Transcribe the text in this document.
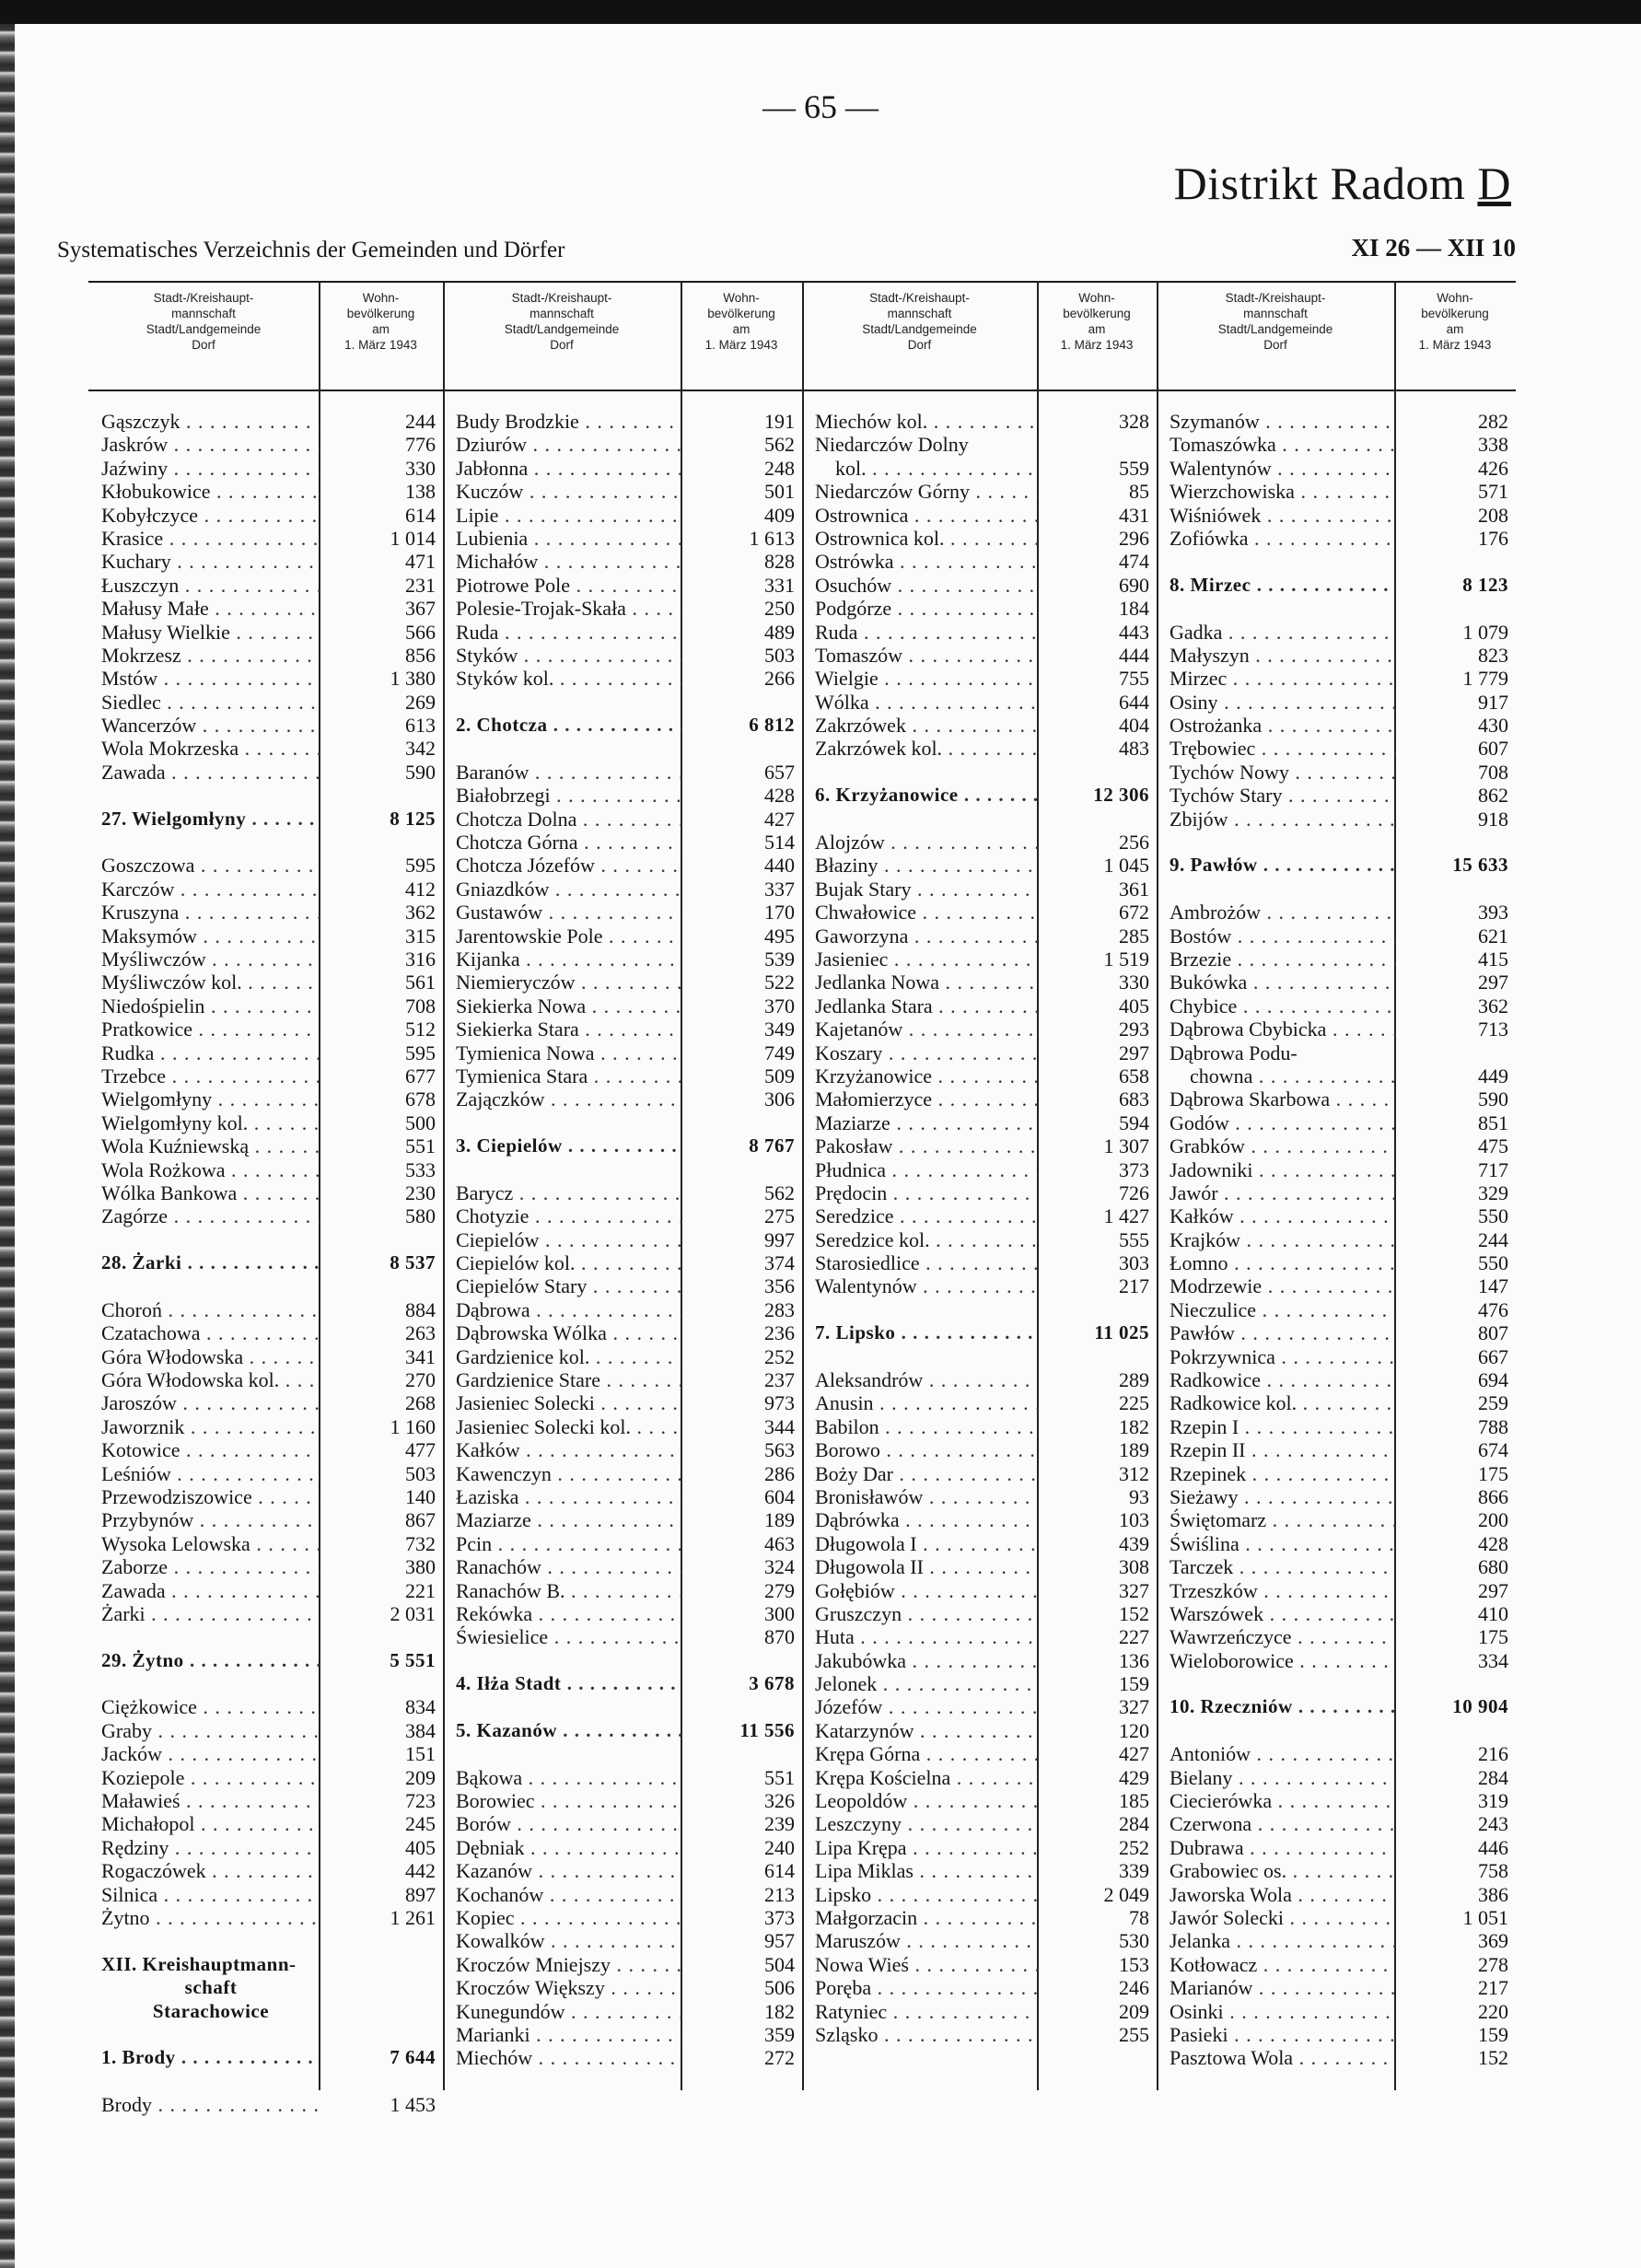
— 65 —
Distrikt Radom D
Systematisches Verzeichnis der Gemeinden und Dörfer	XI 26 — XII 10
Stadt-/Kreishaupt-
mannschaft
Stadt/Landgemeinde
Dorf
Wohn-
bevölkerung
am
1. März 1943
Gąszczyk . . .	244
Jaskrów . . .	776
Jaźwiny . . .	330
Kłobukowice . . .	138
Kobyłczyce . . .	614
Krasice . . .	1 014
Kuchary . . .	471
Łuszczyn . . .	231
Małusy Małe . . .	367
Małusy Wielkie . . .	566
Mokrzesz . . .	856
Mstów . . .	1 380
Siedlec . . .	269
Wancerzów . . .	613
Wola Mokrzeska . . .	342
Zawada . . .	590
27. Wielgomłyny . . .	8 125
Goszczowa . . .	595
Karczów . . .	412
Kruszyna . . .	362
Maksymów . . .	315
Myśliwczów . . .	316
Myśliwczów kol. . . .	561
Niedośpielin . . .	708
Pratkowice . . .	512
Rudka . . .	595
Trzebce . . .	677
Wielgomłyny . . .	678
Wielgomłyny kol. . . .	500
Wola Kuźniewską . . .	551
Wola Rożkowa . . .	533
Wólka Bankowa . . .	230
Zagórze . . .	580
28. Żarki . . .	8 537
Choroń . . .	884
Czatachowa . . .	263
Góra Włodowska . . .	341
Góra Włodowska kol. . . .	270
Jaroszów . . .	268
Jaworznik . . .	1 160
Kotowice . . .	477
Leśniów . . .	503
Przewodziszowice . . .	140
Przybynów . . .	867
Wysoka Lelowska . . .	732
Zaborze . . .	380
Zawada . . .	221
Żarki . . .	2 031
29. Żytno . . .	5 551
Ciężkowice . . .	834
Graby . . .	384
Jacków . . .	151
Koziepole . . .	209
Maławieś . . .	723
Michałopol . . .	245
Rędziny . . .	405
Rogaczówek . . .	442
Silnica . . .	897
Żytno . . .	1 261
XII. Kreishauptmann-
schaft
Starachowice
1. Brody . . .	7 644
Brody . . .	1 453
Stadt-/Kreishaupt-
mannschaft
Stadt/Landgemeinde
Dorf
Wohn-
bevölkerung
am
1. März 1943
Budy Brodzkie . . .	191
Dziurów . . .	562
Jabłonna . . .	248
Kuczów . . .	501
Lipie . . .	409
Lubienia . . .	1 613
Michałów . . .	828
Piotrowe Pole . . .	331
Polesie-Trojak-Skała . . .	250
Ruda . . .	489
Styków . . .	503
Styków kol. . . .	266
2. Chotcza . . .	6 812
Baranów . . .	657
Białobrzegi . . .	428
Chotcza Dolna . . .	427
Chotcza Górna . . .	514
Chotcza Józefów . . .	440
Gniazdków . . .	337
Gustawów . . .	170
Jarentowskie Pole . . .	495
Kijanka . . .	539
Niemieryczów . . .	522
Siekierka Nowa . . .	370
Siekierka Stara . . .	349
Tymienica Nowa . . .	749
Tymienica Stara . . .	509
Zajączków . . .	306
3. Ciepielów . . .	8 767
Barycz . . .	562
Chotyzie . . .	275
Ciepielów . . .	997
Ciepielów kol. . . .	374
Ciepielów Stary . . .	356
Dąbrowa . . .	283
Dąbrowska Wólka . . .	236
Gardzienice kol. . . .	252
Gardzienice Stare . . .	237
Jasieniec Solecki . . .	973
Jasieniec Solecki kol. . . .	344
Kałków . . .	563
Kawenczyn . . .	286
Łaziska . . .	604
Maziarze . . .	189
Pcin . . .	463
Ranachów . . .	324
Ranachów B. . . .	279
Rekówka . . .	300
Świesielice . . .	870
4. Iłża Stadt . . .	3 678
5. Kazanów . . .	11 556
Bąkowa . . .	551
Borowiec . . .	326
Borów . . .	239
Dębniak . . .	240
Kazanów . . .	614
Kochanów . . .	213
Kopiec . . .	373
Kowalków . . .	957
Kroczów Mniejszy . . .	504
Kroczów Większy . . .	506
Kunegundów . . .	182
Marianki . . .	359
Miechów . . .	272
Stadt-/Kreishaupt-
mannschaft
Stadt/Landgemeinde
Dorf
Wohn-
bevölkerung
am
1. März 1943
Miechów kol. . . .	328
Niedarczów Dolny
kol. . . .	559
Niedarczów Górny . . .	85
Ostrownica . . .	431
Ostrownica kol. . . .	296
Ostrówka . . .	474
Osuchów . . .	690
Podgórze . . .	184
Ruda . . .	443
Tomaszów . . .	444
Wielgie . . .	755
Wólka . . .	644
Zakrzówek . . .	404
Zakrzówek kol. . . .	483
6. Krzyżanowice . . .	12 306
Alojzów . . .	256
Błaziny . . .	1 045
Bujak Stary . . .	361
Chwałowice . . .	672
Gaworzyna . . .	285
Jasieniec . . .	1 519
Jedlanka Nowa . . .	330
Jedlanka Stara . . .	405
Kajetanów . . .	293
Koszary . . .	297
Krzyżanowice . . .	658
Małomierzyce . . .	683
Maziarze . . .	594
Pakosław . . .	1 307
Płudnica . . .	373
Prędocin . . .	726
Seredzice . . .	1 427
Seredzice kol. . . .	555
Starosiedlice . . .	303
Walentynów . . .	217
7. Lipsko . . .	11 025
Aleksandrów . . .	289
Anusin . . .	225
Babilon . . .	182
Borowo . . .	189
Boży Dar . . .	312
Bronisławów . . .	93
Dąbrówka . . .	103
Długowola I . . .	439
Długowola II . . .	308
Gołębiów . . .	327
Gruszczyn . . .	152
Huta . . .	227
Jakubówka . . .	136
Jelonek . . .	159
Józefów . . .	327
Katarzynów . . .	120
Krępa Górna . . .	427
Krępa Kościelna . . .	429
Leopoldów . . .	185
Leszczyny . . .	284
Lipa Krępa . . .	252
Lipa Miklas . . .	339
Lipsko . . .	2 049
Małgorzacin . . .	78
Maruszów . . .	530
Nowa Wieś . . .	153
Poręba . . .	246
Ratyniec . . .	209
Szląsko . . .	255
Stadt-/Kreishaupt-
mannschaft
Stadt/Landgemeinde
Dorf
Wohn-
bevölkerung
am
1. März 1943
Szymanów . . .	282
Tomaszówka . . .	338
Walentynów . . .	426
Wierzchowiska . . .	571
Wiśniówek . . .	208
Zofiówka . . .	176
8. Mirzec . . .	8 123
Gadka . . .	1 079
Małyszyn . . .	823
Mirzec . . .	1 779
Osiny . . .	917
Ostrożanka . . .	430
Trębowiec . . .	607
Tychów Nowy . . .	708
Tychów Stary . . .	862
Zbijów . . .	918
9. Pawłów . . .	15 633
Ambrożów . . .	393
Bostów . . .	621
Brzezie . . .	415
Bukówka . . .	297
Chybice . . .	362
Dąbrowa Cbybicka . . .	713
Dąbrowa Podu-
chowna . . .	449
Dąbrowa Skarbowa . . .	590
Godów . . .	851
Grabków . . .	475
Jadowniki . . .	717
Jawór . . .	329
Kałków . . .	550
Krajków . . .	244
Łomno . . .	550
Modrzewie . . .	147
Nieczulice . . .	476
Pawłów . . .	807
Pokrzywnica . . .	667
Radkowice . . .	694
Radkowice kol. . . .	259
Rzepin I . . .	788
Rzepin II . . .	674
Rzepinek . . .	175
Sieżawy . . .	866
Świętomarz . . .	200
Świślina . . .	428
Tarczek . . .	680
Trzeszków . . .	297
Warszówek . . .	410
Wawrzeńczyce . . .	175
Wieloborowice . . .	334
10. Rzeczniów . . .	10 904
Antoniów . . .	216
Bielany . . .	284
Ciecierówka . . .	319
Czerwona . . .	243
Dubrawa . . .	446
Grabowiec os. . . .	758
Jaworska Wola . . .	386
Jawór Solecki . . .	1 051
Jelanka . . .	369
Kotłowacz . . .	278
Marianów . . .	217
Osinki . . .	220
Pasieki . . .	159
Pasztowa Wola . . .	152
